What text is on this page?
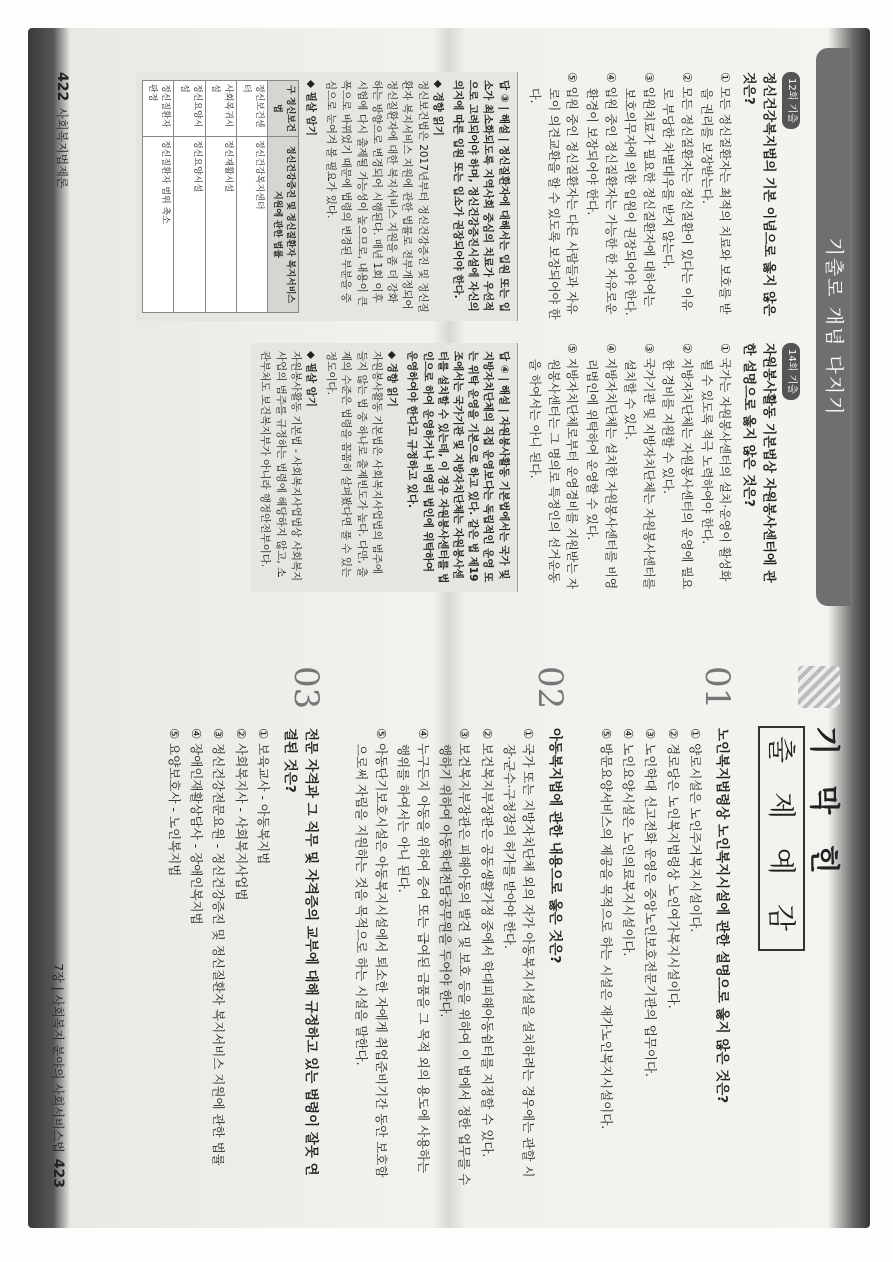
기출로 개념 다지기
12회 기출
정신건강복지법의 기본 이념으로 옳지 않은 것은?
① 모든 정신질환자는 최적의 치료와 보호를 받을 권리를 보장받는다.
② 모든 정신질환자는 정신질환이 있다는 이유로 부당한 차별대우를 받지 않는다.
③ 입원치료가 필요한 정신질환자에 대하여는 보호의무자에 의한 입원이 권장되어야 한다.
④ 입원 중인 정신질환자는 가능한 한 자유로운 환경이 보장되어야 한다.
⑤ 입원 중인 정신질환자는 다른 사람들과 자유로이 의견교환을 할 수 있도록 보장되어야 한다.
답 ③ | 해설 | 정신질환자에 대해서는 입원 또는 입소가 최소화되도록 지역사회 중심의 치료가 우선적으로 고려되어야 하며, 정신건강증진시설에 자신의 의지에 따른 입원 또는 입소가 권장되어야 한다.
◆ 경향 읽기
정신보건법은 2017년부터 정신건강증진 및 정신질환자 복지서비스 지원에 관한 법률로 전부개정되어 정신질환자에 대한 복지서비스 지원을 좀 더 강화하는 방향으로 변경되어 시행된다. 매년 1회 이후 시험에 다시 출제될 가능성이 높으므로, 내용이 큰 폭으로 바뀌었기 때문에 법령의 변경된 부분을 중심으로 눈여겨 볼 필요가 있다.
◆ 필살 암기
구 정신보건법	정신건강증진 및 정신질환자 복지서비스 지원에 관한 법률
정신보건센터	정신건강복지센터
사회복귀시설	정신재활시설
정신요양시설	정신요양시설
정신질환자 판정	정신질환자 범위 축소
14회 기출
자원봉사활동 기본법상 자원봉사센터에 관한 설명으로 옳지 않은 것은?
① 국가는 자원봉사센터의 설치·운영이 활성화될 수 있도록 적극 노력하여야 한다.
② 지방자치단체는 자원봉사센터의 운영에 필요한 경비를 지원할 수 있다.
③ 국가기관 및 지방자치단체는 자원봉사센터를 설치할 수 있다.
④ 지방자치단체는 설치한 자원봉사센터를 비영리법인에 위탁하여 운영할 수 있다.
⑤ 지방자치단체로부터 운영경비를 지원받는 자원봉사센터는 그 명의로 특정인의 선거운동을 하여서는 아니 된다.
답 ④ | 해설 | 자원봉사활동 기본법에서는 국가 및 지방자치단체의 직접 운영보다는 독립적인 운영 또는 위탁 운영을 기본으로 하고 있다. 같은 법 제19조에서는 국가기관 및 지방자치단체는 자원봉사센터를 설치할 수 있는데, 이 경우 자원봉사센터를 법인으로 하여 운영하거나 비영리 법인에 위탁하여 운영하여야 한다고 규정하고 있다.
◆ 경향 읽기
자원봉사활동 기본법은 사회복지사업법의 범주에 들지 않는 법 중 하나로 출제빈도가 높다. 다만, 출제의 수준은 법령을 꼼꼼히 살펴봤다면 풀 수 있는 정도이다.
◆ 필살 암기
자원봉사활동 기본법 - 사회복지사업법상 사회복지사업의 범주를 규정하는 법령에 해당하지 않고, 소관부처도 보건복지부가 아니라 행정안전부이다.
422사회복지법제론
기 막 힌
출 제 예 감
01
노인복지법령상 노인복지시설에 관한 설명으로 옳지 않은 것은?
① 양로시설은 노인주거복지시설이다.
② 경로당은 노인복지법령상 노인여가복지시설이다.
③ 노인학대 신고전화 운영은 중앙노인보호전문기관의 업무이다.
④ 노인요양시설은 노인의료복지시설이다.
⑤ 방문요양서비스의 제공을 목적으로 하는 시설은 재가노인복지시설이다.
02
아동복지법에 관한 내용으로 옳은 것은?
① 국가 또는 지방자치단체 외의 자가 아동복지시설을 설치하려는 경우에는 관할 시장·군수·구청장의 허가를 받아야 한다.
② 보건복지부장관은 공동생활가정 중에서 학대피해아동쉼터를 지정할 수 있다.
③ 보건복지부장관은 피해아동의 발견 및 보호 등을 위하여 이 법에서 정한 업무를 수행하기 위하여 아동학대전담공무원을 두어야 한다.
④ 누구든지 아동을 위하여 증여 또는 급여된 금품을 그 목적 외의 용도에 사용하는 행위를 하여서는 아니 된다.
⑤ 아동단기보호시설은 아동복지시설에서 퇴소한 자에게 취업준비기간 동안 보호함으로써 자립을 지원하는 것을 목적으로 하는 시설을 말한다.
03
전문 자격과 그 직무 및 자격증의 교부에 대해 규정하고 있는 법령이 잘못 연결된 것은?
① 보육교사 - 아동복지법
② 사회복지사 - 사회복지사업법
③ 정신건강전문요원 - 정신건강증진 및 정신질환자 복지서비스 지원에 관한 법률
④ 장애인재활상담사 - 장애인복지법
⑤ 요양보호사 - 노인복지법
7장 | 사회복지 분야의 사회서비스법423
